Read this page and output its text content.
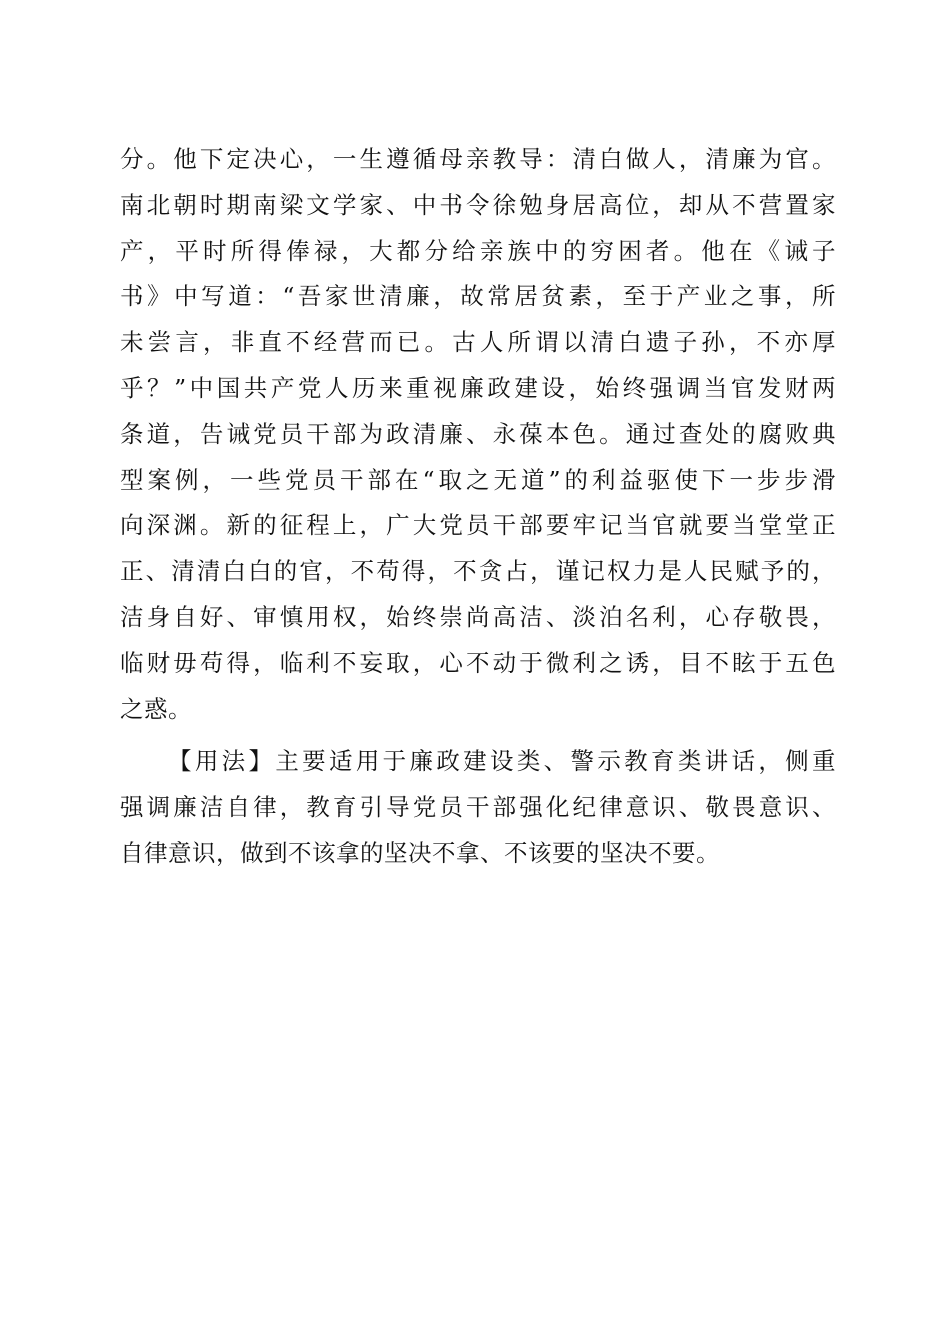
分。他下定决心，一生遵循母亲教导：清白做人，清廉为官。
南北朝时期南梁文学家、中书令徐勉身居高位，却从不营置家
产，平时所得俸禄，大都分给亲族中的穷困者。他在《诫子
书》中写道：“吾家世清廉，故常居贫素，至于产业之事，所
未尝言，非直不经营而已。古人所谓以清白遗子孙，不亦厚
乎？”中国共产党人历来重视廉政建设，始终强调当官发财两
条道，告诫党员干部为政清廉、永葆本色。通过查处的腐败典
型案例，一些党员干部在“取之无道”的利益驱使下一步步滑
向深渊。新的征程上，广大党员干部要牢记当官就要当堂堂正
正、清清白白的官，不苟得，不贪占，谨记权力是人民赋予的，
洁身自好、审慎用权，始终崇尚高洁、淡泊名利，心存敬畏，
临财毋苟得，临利不妄取，心不动于微利之诱，目不眩于五色
之惑。
【用法】主要适用于廉政建设类、警示教育类讲话，侧重
强调廉洁自律，教育引导党员干部强化纪律意识、敬畏意识、
自律意识，做到不该拿的坚决不拿、不该要的坚决不要。
